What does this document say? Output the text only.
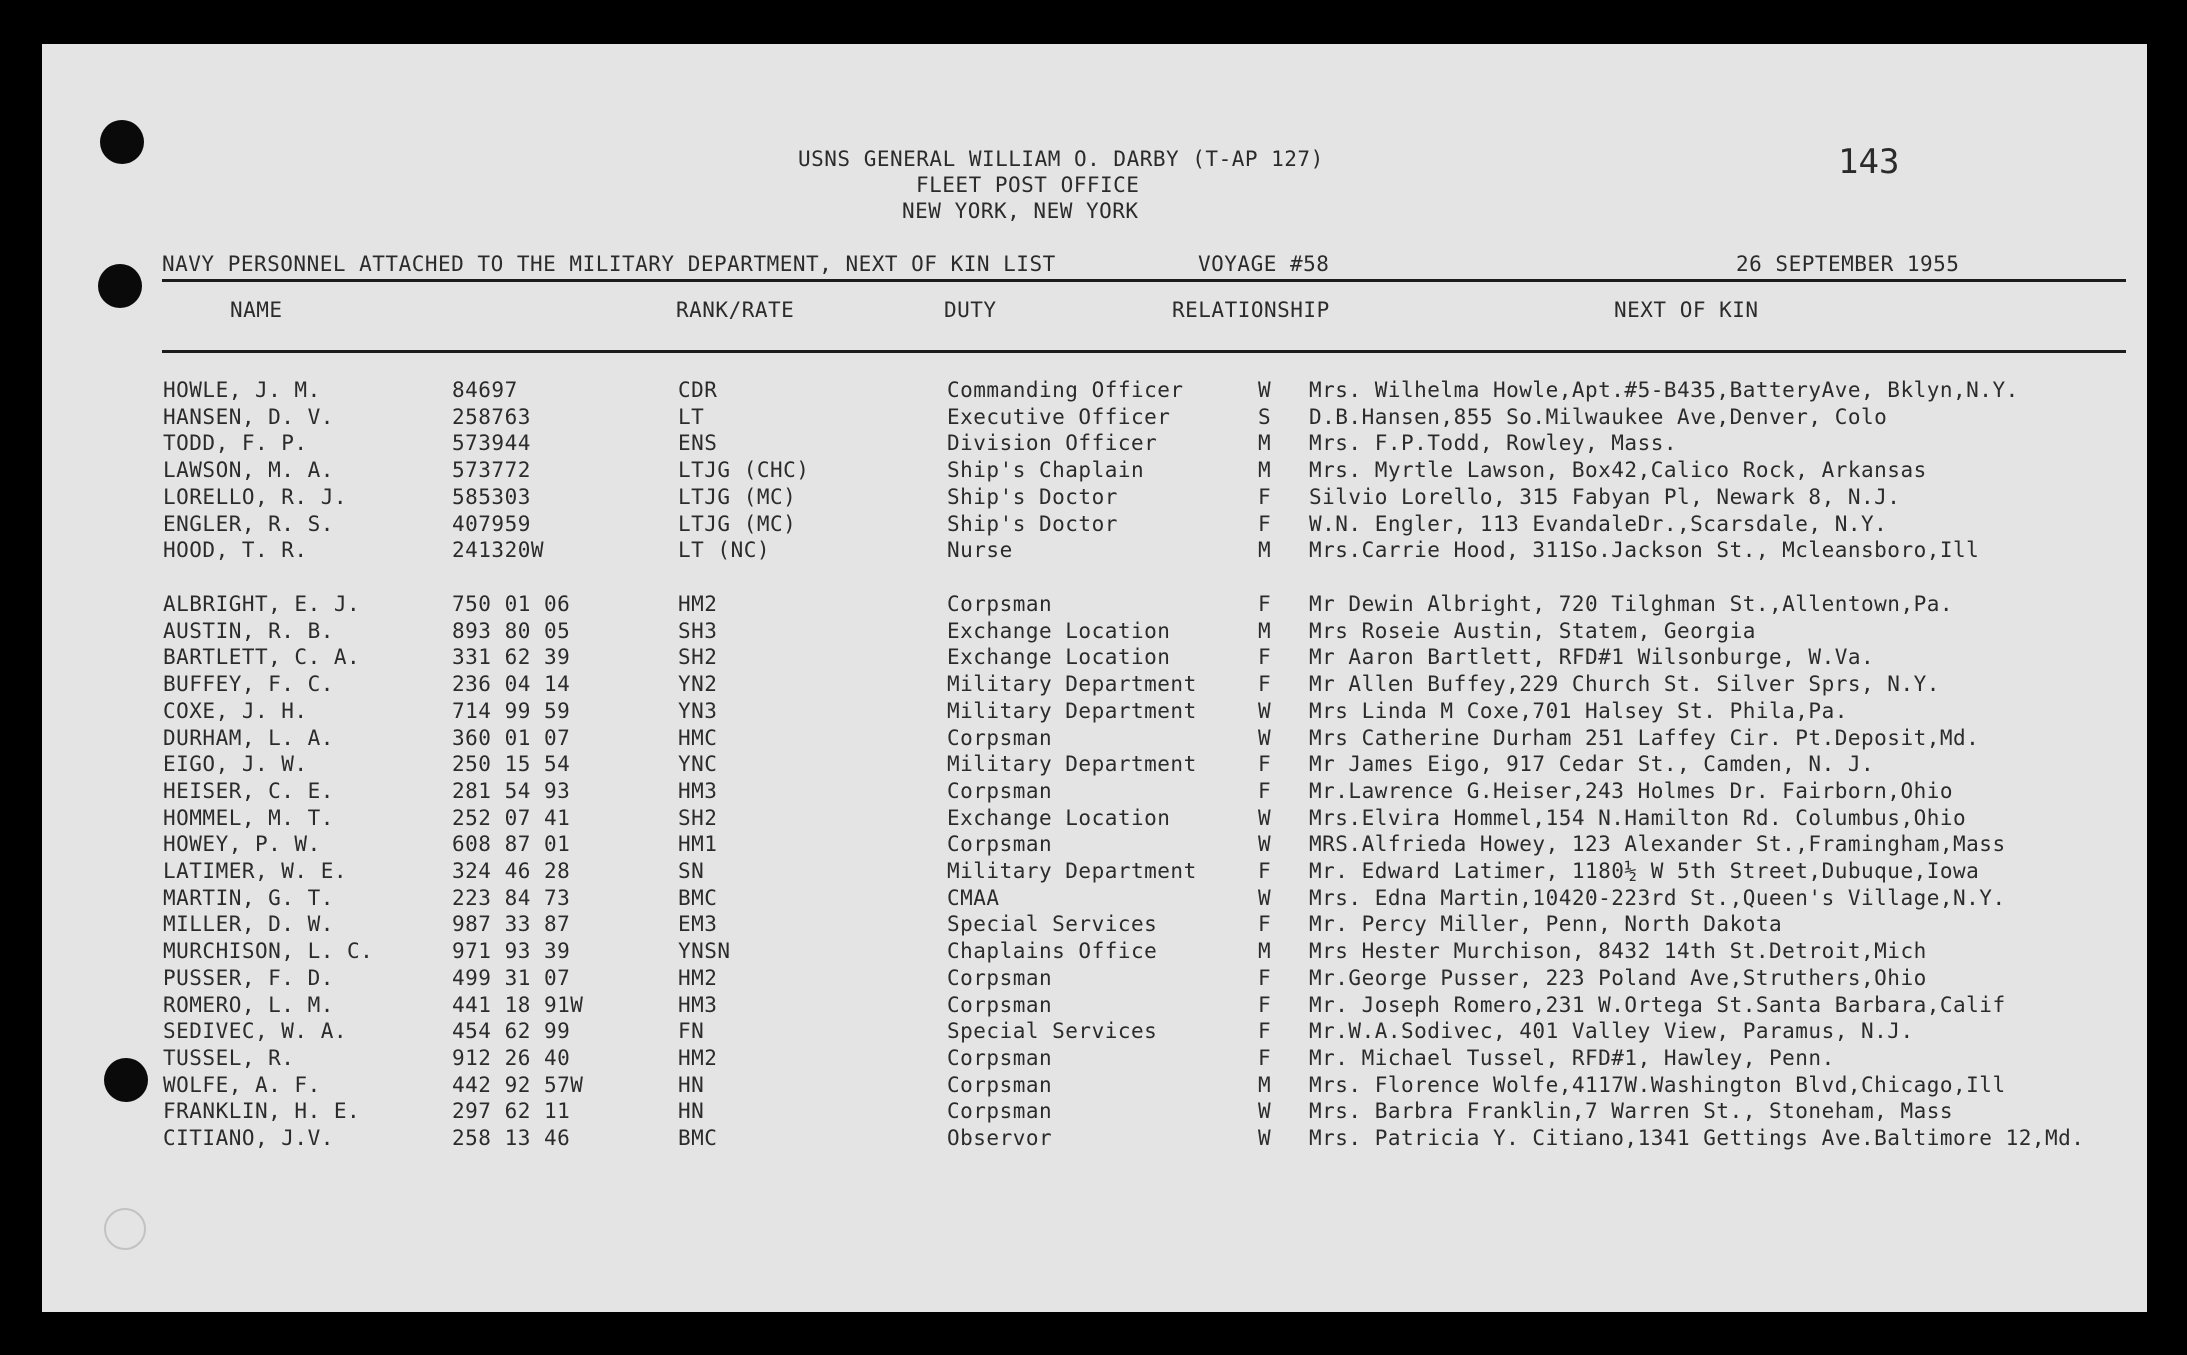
USNS GENERAL WILLIAM O. DARBY (T-AP 127)
FLEET POST OFFICE
NEW YORK, NEW YORK
143
NAVY PERSONNEL ATTACHED TO THE MILITARY DEPARTMENT, NEXT OF KIN LIST	VOYAGE #58	26 SEPTEMBER 1955
NAME	RANK/RATE	DUTY	RELATIONSHIP	NEXT OF KIN
HOWLE, J. M.	84697	CDR	Commanding Officer	W Mrs. Wilhelma Howle,Apt.#5-B435,BatteryAve, Bklyn,N.Y.
HANSEN, D. V.	258763	LT	Executive Officer	S D.B.Hansen,855 So.Milwaukee Ave,Denver, Colo
TODD, F. P.	573944	ENS	Division Officer	M Mrs. F.P.Todd, Rowley, Mass.
LAWSON, M. A.	573772	LTJG (CHC)	Ship's Chaplain	M Mrs. Myrtle Lawson, Box42,Calico Rock, Arkansas
LORELLO, R. J.	585303	LTJG (MC)	Ship's Doctor	F Silvio Lorello, 315 Fabyan Pl, Newark 8, N.J.
ENGLER, R. S.	407959	LTJG (MC)	Ship's Doctor	F W.N. Engler, 113 EvandaleDr.,Scarsdale, N.Y.
HOOD, T. R.	241320W	LT (NC)	Nurse	M Mrs.Carrie Hood, 311So.Jackson St., Mcleansboro,Ill
ALBRIGHT, E. J.	750 01 06	HM2	Corpsman	F Mr Dewin Albright, 720 Tilghman St.,Allentown,Pa.
AUSTIN, R. B.	893 80 05	SH3	Exchange Location	M Mrs Roseie Austin, Statem, Georgia
BARTLETT, C. A.	331 62 39	SH2	Exchange Location	F Mr Aaron Bartlett, RFD#1 Wilsonburge, W.Va.
BUFFEY, F. C.	236 04 14	YN2	Military Department	F Mr Allen Buffey,229 Church St. Silver Sprs, N.Y.
COXE, J. H.	714 99 59	YN3	Military Department	W Mrs Linda M Coxe,701 Halsey St. Phila,Pa.
DURHAM, L. A.	360 01 07	HMC	Corpsman	W Mrs Catherine Durham 251 Laffey Cir. Pt.Deposit,Md.
EIGO, J. W.	250 15 54	YNC	Military Department	F Mr James Eigo, 917 Cedar St., Camden, N. J.
HEISER, C. E.	281 54 93	HM3	Corpsman	F Mr.Lawrence G.Heiser,243 Holmes Dr. Fairborn,Ohio
HOMMEL, M. T.	252 07 41	SH2	Exchange Location	W Mrs.Elvira Hommel,154 N.Hamilton Rd. Columbus,Ohio
HOWEY, P. W.	608 87 01	HM1	Corpsman	W MRS.Alfrieda Howey, 123 Alexander St.,Framingham,Mass
LATIMER, W. E.	324 46 28	SN	Military Department	F Mr. Edward Latimer, 1180½ W 5th Street,Dubuque,Iowa
MARTIN, G. T.	223 84 73	BMC	CMAA	W Mrs. Edna Martin,10420-223rd St.,Queen's Village,N.Y.
MILLER, D. W.	987 33 87	EM3	Special Services	F Mr. Percy Miller, Penn, North Dakota
MURCHISON, L. C.	971 93 39	YNSN	Chaplains Office	M Mrs Hester Murchison, 8432 14th St.Detroit,Mich
PUSSER, F. D.	499 31 07	HM2	Corpsman	F Mr.George Pusser, 223 Poland Ave,Struthers,Ohio
ROMERO, L. M.	441 18 91W	HM3	Corpsman	F Mr. Joseph Romero,231 W.Ortega St.Santa Barbara,Calif
SEDIVEC, W. A.	454 62 99	FN	Special Services	F Mr.W.A.Sodivec, 401 Valley View, Paramus, N.J.
TUSSEL, R.	912 26 40	HM2	Corpsman	F Mr. Michael Tussel, RFD#1, Hawley, Penn.
WOLFE, A. F.	442 92 57W	HN	Corpsman	M Mrs. Florence Wolfe,4117W.Washington Blvd,Chicago,Ill
FRANKLIN, H. E.	297 62 11	HN	Corpsman	W Mrs. Barbra Franklin,7 Warren St., Stoneham, Mass
CITIANO, J.V.	258 13 46	BMC	Observor	W Mrs. Patricia Y. Citiano,1341 Gettings Ave.Baltimore 12,Md.
